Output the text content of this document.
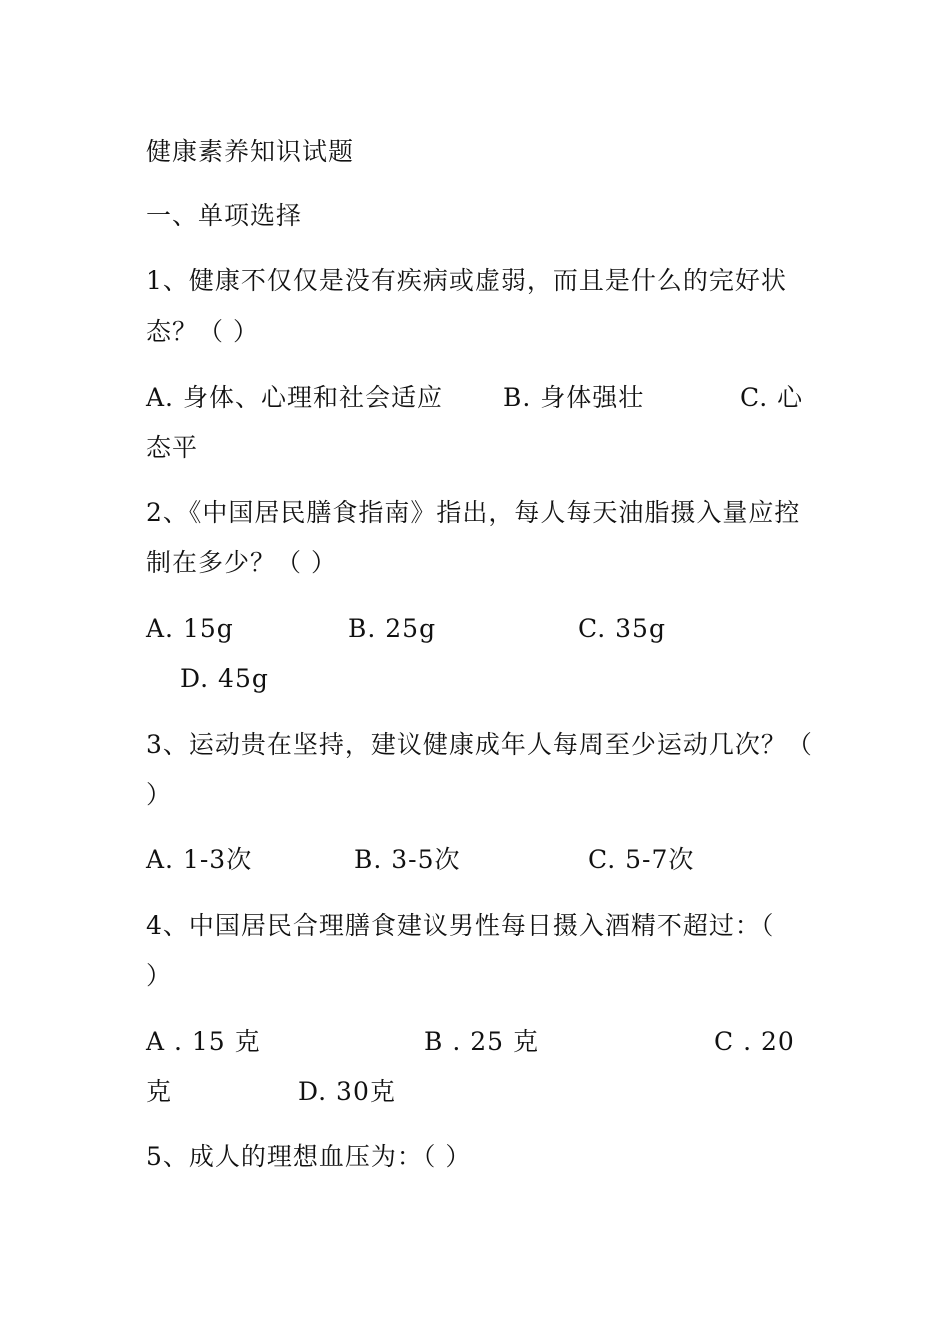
健康素养知识试题
一、单项选择
1、健康不仅仅是没有疾病或虚弱，而且是什么的完好状
态？（ ）
A. 身体、心理和社会适应 B. 身体强壮	C. 心
态平
2、《中国居民膳食指南》指出，每人每天油脂摄入量应控
制在多少？（ ）
A. 15g	B. 25g	C. 35g
D. 45g
3、运动贵在坚持，建议健康成年人每周至少运动几次？（
）
A. 1-3次	B. 3-5次	C. 5-7次
4、中国居民合理膳食建议男性每日摄入酒精不超过：（
）
A . 15 克	B . 25 克	C . 20
克	D. 30克
5、成人的理想血压为：（ ）
